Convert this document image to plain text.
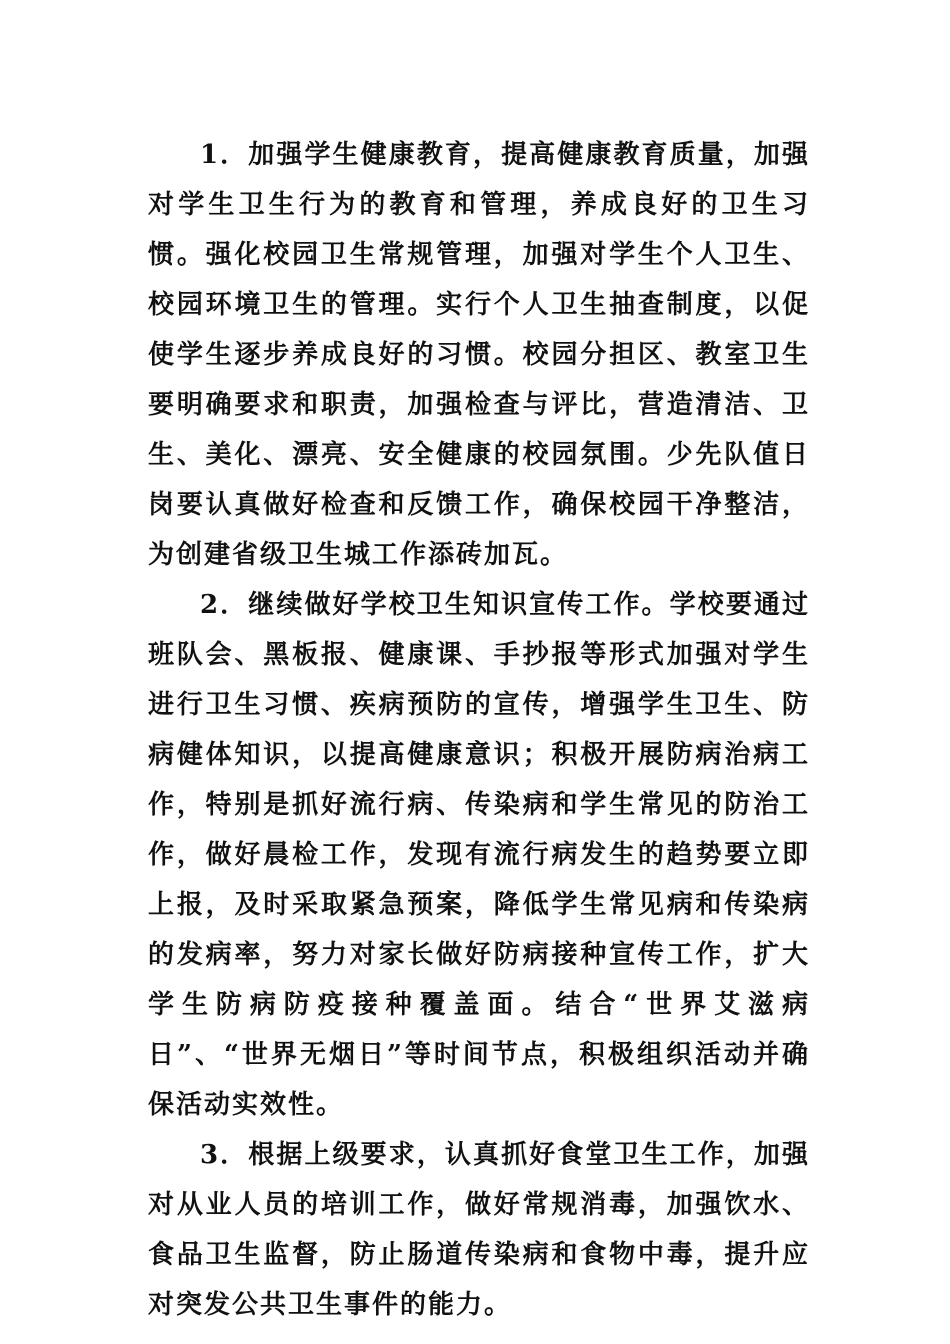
1．加强学生健康教育，提高健康教育质量，加强对学生卫生行为的教育和管理，养成良好的卫生习惯。强化校园卫生常规管理，加强对学生个人卫生、校园环境卫生的管理。实行个人卫生抽查制度，以促使学生逐步养成良好的习惯。校园分担区、教室卫生要明确要求和职责，加强检查与评比，营造清洁、卫生、美化、漂亮、安全健康的校园氛围。少先队值日岗要认真做好检查和反馈工作，确保校园干净整洁，为创建省级卫生城工作添砖加瓦。

2．继续做好学校卫生知识宣传工作。学校要通过班队会、黑板报、健康课、手抄报等形式加强对学生进行卫生习惯、疾病预防的宣传，增强学生卫生、防病健体知识，以提高健康意识；积极开展防病治病工作，特别是抓好流行病、传染病和学生常见的防治工作，做好晨检工作，发现有流行病发生的趋势要立即上报，及时采取紧急预案，降低学生常见病和传染病的发病率，努力对家长做好防病接种宣传工作，扩大学生防病防疫接种覆盖面。结合“世界艾滋病日”、“世界无烟日”等时间节点，积极组织活动并确保活动实效性。

3．根据上级要求，认真抓好食堂卫生工作，加强对从业人员的培训工作，做好常规消毒，加强饮水、食品卫生监督，防止肠道传染病和食物中毒，提升应对突发公共卫生事件的能力。
